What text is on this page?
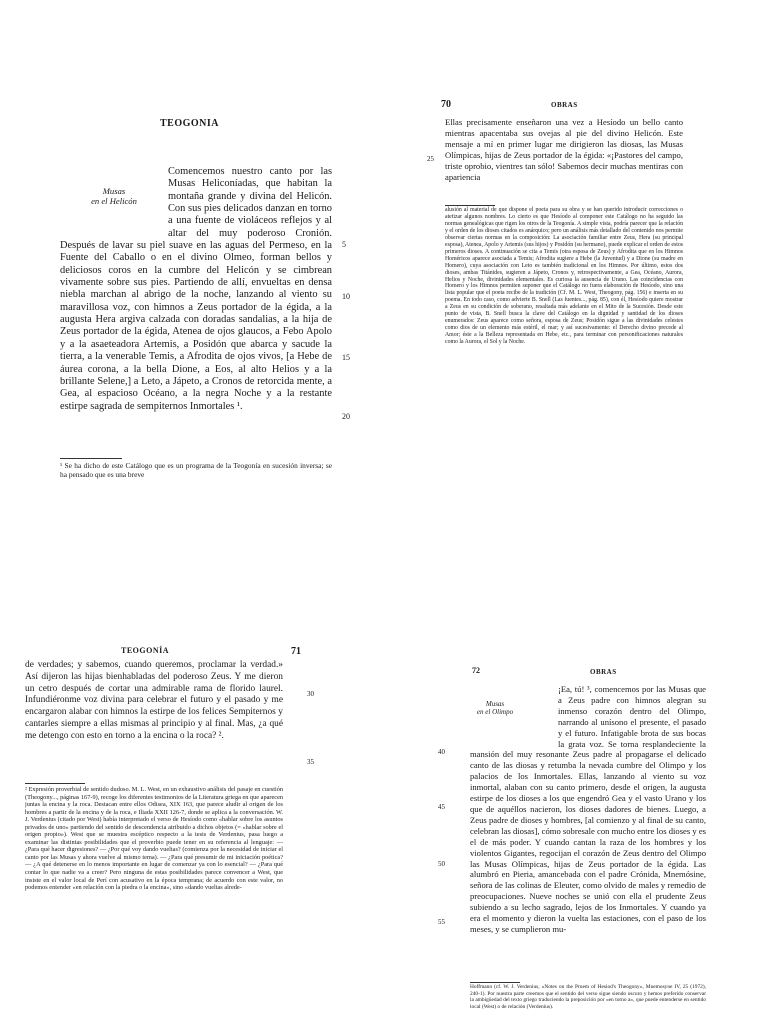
TEOGONIA
Musas
en el Helicón
Comencemos nuestro canto por las Musas Heliconíadas, que habitan la montaña grande y divina del Helicón. Con sus pies delicados danzan en torno a una fuente de violáceos reflejos y al altar del muy poderoso Cronión. Después de lavar su piel suave en las aguas del Permeso, en la Fuente del Caballo o en el divino Olmeo, forman bellos y deliciosos coros en la cumbre del Helicón y se cimbrean vivamente sobre sus pies. Partiendo de allí, envueltas en densa niebla marchan al abrigo de la noche, lanzando al viento su maravillosa voz, con himnos a Zeus portador de la égida, a la augusta Hera argiva calzada con doradas sandalias, a la hija de Zeus portador de la égida, Atenea de ojos glaucos, a Febo Apolo y a la asaeteadora Artemis, a Posidón que abarca y sacude la tierra, a la venerable Temis, a Afrodita de ojos vivos, [a Hebe de áurea corona, a la bella Dione, a Eos, al alto Helios y a la brillante Selene,] a Leto, a Jápeto, a Cronos de retorcida mente, a Gea, al espacioso Océano, a la negra Noche y a la restante estirpe sagrada de sempiternos Inmortales ¹.
5
10
15
20
¹ Se ha dicho de este Catálogo que es un programa de la Teogonía en sucesión inversa; se ha pensado que es una breve
70	OBRAS
25
Ellas precisamente enseñaron una vez a Hesíodo un bello canto mientras apacentaba sus ovejas al pie del divino Helicón. Este mensaje a mí en primer lugar me dirigieron las diosas, las Musas Olímpicas, hijas de Zeus portador de la égida: «¡Pastores del campo, triste oprobio, vientres tan sólo! Sabemos decir muchas mentiras con apariencia
alusión al material de que dispone el poeta para su obra y se han querido introducir correcciones o atetizar algunos nombres. Lo cierto es que Hesíodo al componer este Catálogo no ha seguido las normas genealógicas que rigen los otros de la Teogonía. A simple vista, podría parecer que la relación y el orden de los dioses citados es anárquico; pero un análisis más detallado del contenido nos permite observar ciertas normas en la composición: La asociación familiar entre Zeus, Hera (su principal esposa), Atenea, Apolo y Artemis (sus hijos) y Posidón (su hermano), puede explicar el orden de estos primeros dioses. A continuación se cita a Temis (otra esposa de Zeus) y Afrodita que en los Himnos Homéricos aparece asociada a Temis; Afrodita sugiere a Hebe (la Juventud) y a Dione (su madre en Homero), cuya asociación con Leto es también tradicional en los Himnos. Por último, estos dos dioses, ambas Titánides, sugieren a Jápeto, Cronos y, retrospectivamente, a Gea, Océano, Aurora, Helios y Noche, divinidades elementales. Es curiosa la ausencia de Urano. Las coincidencias con Homero y los Himnos permiten suponer que el Catálogo no fuera elaboración de Hesíodo, sino una lista popular que el poeta recibe de la tradición (Cf. M. L. West, Theogony, pág. 156) e inserta en su poema. En todo caso, como advierte B. Snell (Las fuentes..., pág. 85), con él, Hesíodo quiere mostrar a Zeus en su condición de soberano, resaltada más adelante en el Mito de la Sucesión. Desde este punto de vista, B. Snell busca la clave del Catálogo en la dignidad y santidad de los dioses enumerados: Zeus aparece como señora, esposa de Zeus; Posidón sigue a las divinidades celestes como dios de un elemento más estéril, el mar; y así sucesivamente: el Derecho divino precede al Amor; éste a la Belleza representada en Hebe, etc., para terminar con personificaciones naturales como la Aurora, el Sol y la Noche.
TEOGONÍA	71
de verdades; y sabemos, cuando queremos, proclamar la verdad.» Así dijeron las hijas bienhabladas del poderoso Zeus. Y me dieron un cetro después de cortar una admirable rama de florido laurel. Infundiéronme voz divina para celebrar el futuro y el pasado y me encargaron alabar con himnos la estirpe de los felices Sempiternos y cantarles siempre a ellas mismas al principio y al final. Mas, ¿a qué me detengo con esto en torno a la encina o la roca? ².
30
35
² Expresión proverbial de sentido dudoso. M. L. West, en un exhaustivo análisis del pasaje en cuestión (Theogony..., páginas 167-9), recoge los diferentes testimonios de la Literatura griega en que aparecen juntas la encina y la roca. Destacan entre ellos Odisea, XIX 163, que parece aludir al origen de los hombres a partir de la encina y de la roca, e Iliada XXII 126-7, donde se aplica a la conversación. W. J. Verdenius (citado por West) había interpretado el verso de Hesíodo como «hablar sobre los asuntos privados de uno» partiendo del sentido de descendencia atribuido a dichos objetos (= «hablar sobre el origen propio»). West que se muestra escéptico respecto a la tesis de Verdenius, pasa luego a examinar las distintas posibilidades que el proverbio puede tener en su referencia al lenguaje: — ¿Para qué hacer digresiones? — ¿Por qué voy dando vueltas? (comienza por la necesidad de iniciar el canto por las Musas y ahora vuelve al mismo tema). — ¿Para qué presumir de mi iniciación poética? — ¿A qué detenerse en lo menos importante en lugar de comenzar ya con lo esencial? — ¿Para qué contar lo que nadie va a creer? Pero ninguna de estas posibilidades parece convencer a West, que insiste en el valor local de Perí con acusativo en la época temprana; de acuerdo con este valor, no podemos entender «en relación con la piedra o la encina», sino «dando vueltas alrede-
72	OBRAS
Musas
en el Olimpo
¡Ea, tú! ³, comencemos por las Musas que a Zeus padre con himnos alegran su inmenso corazón dentro del Olimpo, narrando al unísono el presente, el pasado y el futuro. Infatigable brota de sus bocas la grata voz. Se torna resplandeciente la mansión del muy resonante Zeus padre al propagarse el delicado canto de las diosas y retumba la nevada cumbre del Olimpo y los palacios de los Inmortales. Ellas, lanzando al viento su voz inmortal, alaban con su canto primero, desde el origen, la augusta estirpe de los dioses a los que engendró Gea y el vasto Urano y los que de aquéllos nacieron, los dioses dadores de bienes. Luego, a Zeus padre de dioses y hombres, [al comienzo y al final de su canto, celebran las diosas], cómo sobresale con mucho entre los dioses y es el de más poder. Y cuando cantan la raza de los hombres y los violentos Gigantes, regocijan el corazón de Zeus dentro del Olimpo las Musas Olímpicas, hijas de Zeus portador de la égida. Las alumbró en Pieria, amancebada con el padre Crónida, Mnemósine, señora de las colinas de Eleuter, como olvido de males y remedio de preocupaciones. Nueve noches se unió con ella el prudente Zeus subiendo a su lecho sagrado, lejos de los Inmortales. Y cuando ya era el momento y dieron la vuelta las estaciones, con el paso de los meses, y se cumplieron mu-
40
45
50
55
Hoffmann (cf. W. J. Verdenius, «Notes on the Proem of Hesiod's Theogony», Mnemosyne IV, 25 (1972), 240-1). Por nuestra parte creemos que el sentido del verso sigue siendo oscuro y hemos preferido conservar la ambigüedad del texto griego traduciendo la preposición por «en torno a», que puede entenderse en sentido local (West) o de relación (Verdenius).
